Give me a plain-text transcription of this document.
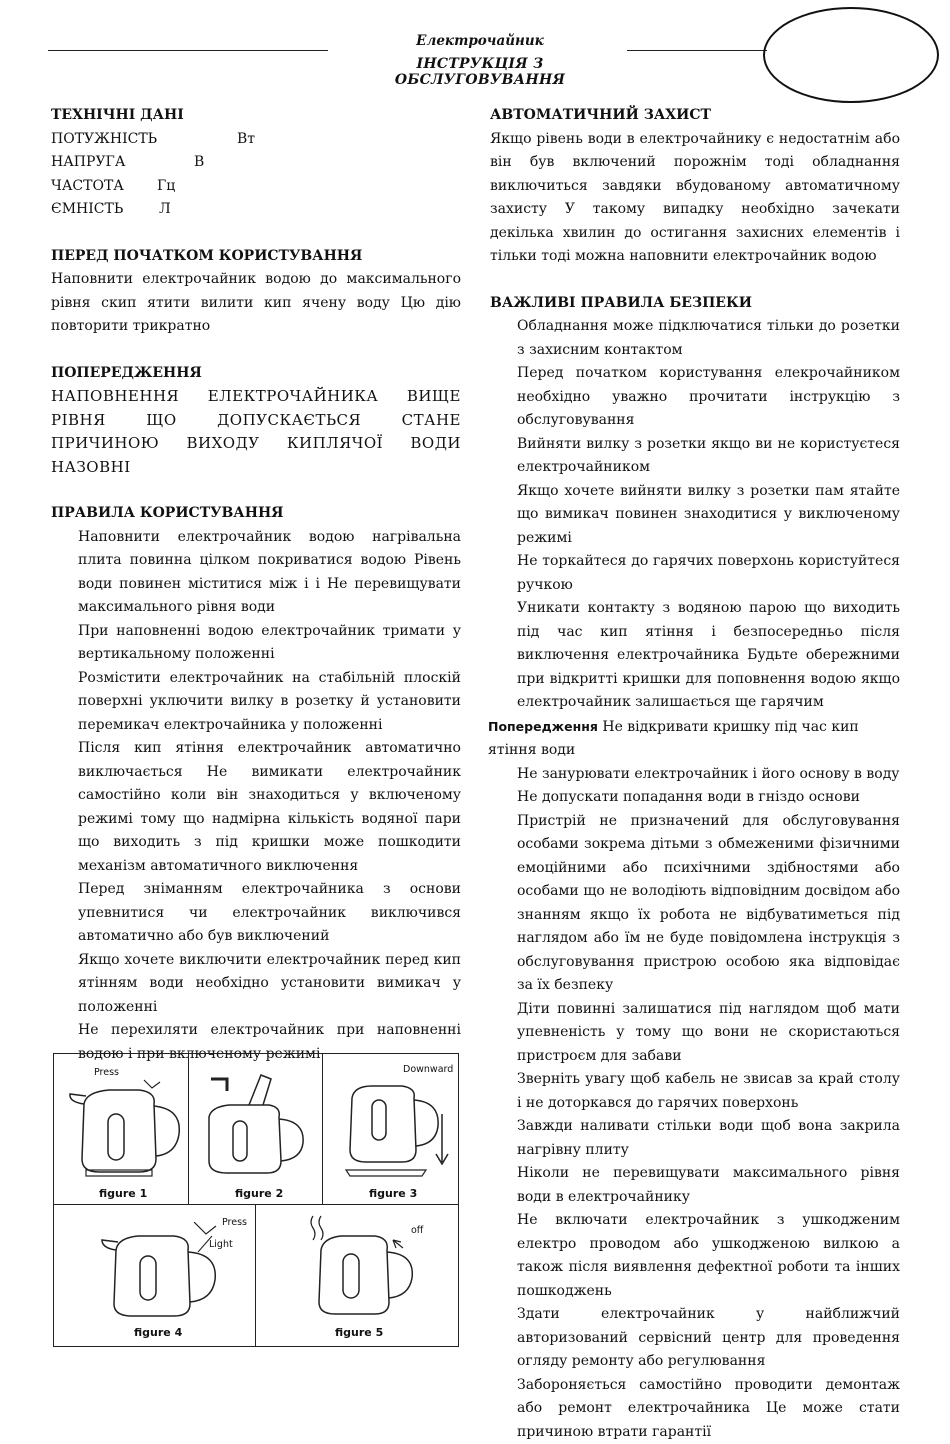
Електрочайник
ІНСТРУКЦІЯ З ОБСЛУГОВУВАННЯ
ТЕХНІЧНІ ДАНІ
ПОТУЖНІСТЬ	Вт
НАПРУГА	В
ЧАСТОТА Гц
ЄМНІСТЬ	Л
ПЕРЕД ПОЧАТКОМ КОРИСТУВАННЯ
Наповнити електрочайник водою до максимального рівня скип ятити вилити кип ячену воду Цю дію повторити трикратно
ПОПЕРЕДЖЕННЯ
НАПОВНЕННЯ ЕЛЕКТРОЧАЙНИКА ВИЩЕ РІВНЯ ЩО ДОПУСКАЄТЬСЯ СТАНЕ ПРИЧИНОЮ ВИХОДУ КИПЛЯЧОЇ ВОДИ НАЗОВНІ
ПРАВИЛА КОРИСТУВАННЯ
Наповнити електрочайник водою нагрівальна плита повинна цілком покриватися водою Рівень води повинен міститися між і і Не перевищувати максимального рівня води
При наповненні водою електрочайник тримати у вертикальному положенні
Розмістити електрочайник на стабільній плоскій поверхні уключити вилку в розетку й установити перемикач електрочайника у положенні
Після кип ятіння електрочайник автоматично виключається Не вимикати електрочайник самостійно коли він знаходиться у включеному режимі тому що надмірна кількість водяної пари що виходить з під кришки може пошкодити механізм автоматичного виключення
Перед зніманням електрочайника з основи упевнитися чи електрочайник виключився автоматично або був виключений
Якщо хочете виключити електрочайник перед кип ятінням води необхідно установити вимикач у положенні
Не перехиляти електрочайник при наповненні водою і при включеному режимі
Press
figure 1	figure 2
Downward
figure 3
Press
Light
figure 4
off
figure 5
АВТОМАТИЧНИЙ ЗАХИСТ
Якщо рівень води в електрочайнику є недостатнім або він був включений порожнім тоді обладнання виключиться завдяки вбудованому автоматичному захисту У такому випадку необхідно зачекати декілька хвилин до остигання захисних елементів і тільки тоді можна наповнити електрочайник водою
ВАЖЛИВІ ПРАВИЛА БЕЗПЕКИ
Обладнання може підключатися тільки до розетки з захисним контактом
Перед початком користування елекрочайником необхідно уважно прочитати інструкцію з обслуговування
Вийняти вилку з розетки якщо ви не користуєтеся електрочайником
Якщо хочете вийняти вилку з розетки пам ятайте що вимикач повинен знаходитися у виключеному режимі
Не торкайтеся до гарячих поверхонь користуйтеся ручкою
Уникати контакту з водяною парою що виходить під час кип ятіння і безпосередньо після виключення електрочайника Будьте обережними при відкритті кришки для поповнення водою якщо електрочайник залишається ще гарячим
Попередження Не відкривати кришку під час кип ятіння води
Не занурювати електрочайник і його основу в воду
Не допускати попадання води в гніздо основи
Пристрій не призначений для обслуговування особами зокрема дітьми з обмеженими фізичними емоційними або психічними здібностями або особами що не володіють відповідним досвідом або знанням якщо їх робота не відбуватиметься під наглядом або їм не буде повідомлена інструкція з обслуговування пристрою особою яка відповідає за їх безпеку
Діти повинні залишатися під наглядом щоб мати упевненість у тому що вони не скористаються пристроєм для забави
Зверніть увагу щоб кабель не звисав за край столу і не доторкався до гарячих поверхонь
Завжди наливати стільки води щоб вона закрила нагрівну плиту
Ніколи не перевищувати максимального рівня води в електрочайнику
Не включати електрочайник з ушкодженим електро проводом або ушкодженою вилкою а також після виявлення дефектної роботи та інших пошкоджень
Здати електрочайник у найближчий авторизований сервісний центр для проведення огляду ремонту або регулювання
Забороняється самостійно проводити демонтаж або ремонт електрочайника Це може стати причиною втрати гарантії
